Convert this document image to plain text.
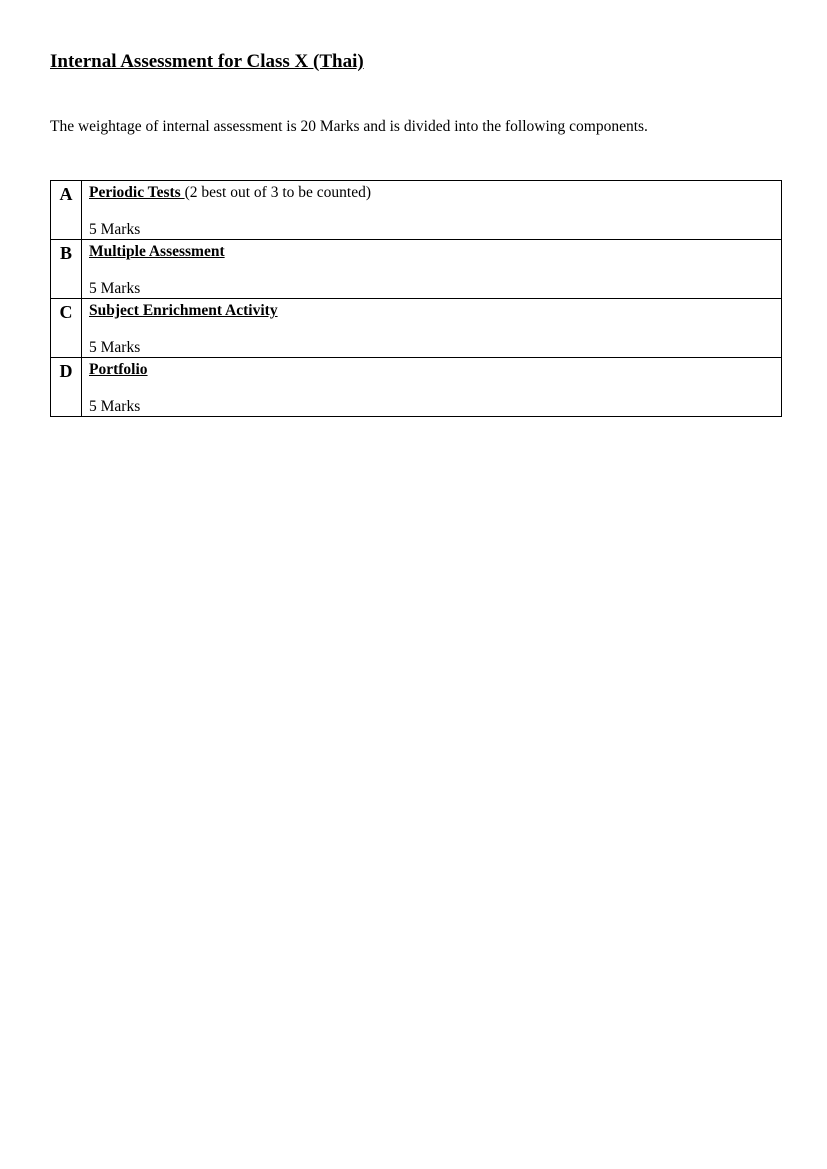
Internal Assessment for Class X (Thai)

The weightage of internal assessment is 20 Marks and is divided into the following components.

A	Periodic Tests (2 best out of 3 to be counted)
5 Marks

B	Multiple Assessment
5 Marks

C	Subject Enrichment Activity
5 Marks

D	Portfolio
5 Marks
